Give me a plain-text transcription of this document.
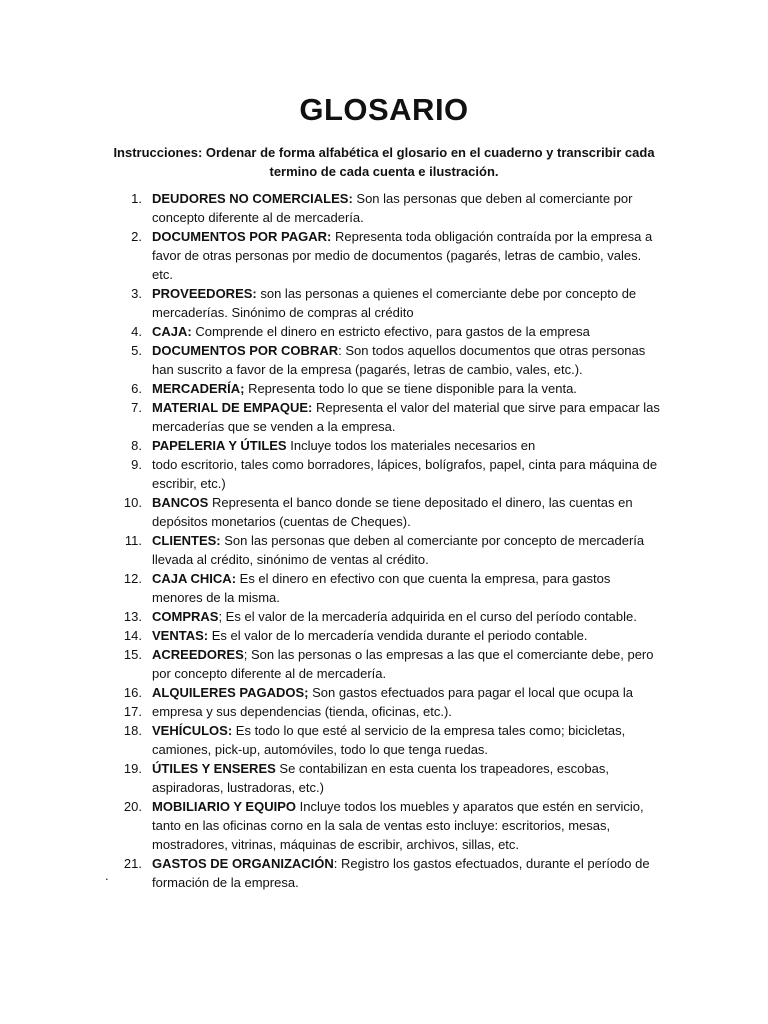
GLOSARIO
Instrucciones: Ordenar de forma alfabética el glosario en el cuaderno y transcribir cada termino de cada cuenta e ilustración.
1. DEUDORES NO COMERCIALES: Son las personas que deben al comerciante por concepto diferente al de mercadería.
2. DOCUMENTOS POR PAGAR: Representa toda obligación contraída por la empresa a favor de otras personas por medio de documentos (pagarés, letras de cambio, vales. etc.
3. PROVEEDORES: son las personas a quienes el comerciante debe por concepto de mercaderías. Sinónimo de compras al crédito
4. CAJA: Comprende el dinero en estricto efectivo, para gastos de la empresa
5. DOCUMENTOS POR COBRAR: Son todos aquellos documentos que otras personas han suscrito a favor de la empresa (pagarés, letras de cambio, vales, etc.).
6. MERCADERÍA; Representa todo lo que se tiene disponible para la venta.
7. MATERIAL DE EMPAQUE: Representa el valor del material que sirve para empacar las mercaderías que se venden a la empresa.
8. PAPELERIA Y ÚTILES Incluye todos los materiales necesarios en
9. todo escritorio, tales como borradores, lápices, bolígrafos, papel, cinta para máquina de escribir, etc.)
10. BANCOS Representa el banco donde se tiene depositado el dinero, las cuentas en depósitos monetarios (cuentas de Cheques).
11. CLIENTES: Son las personas que deben al comerciante por concepto de mercadería llevada al crédito, sinónimo de ventas al crédito.
12. CAJA CHICA: Es el dinero en efectivo con que cuenta la empresa, para gastos menores de la misma.
13. COMPRAS; Es el valor de la mercadería adquirida en el curso del período contable.
14. VENTAS: Es el valor de lo mercadería vendida durante el periodo contable.
15. ACREEDORES; Son las personas o las empresas a las que el comerciante debe, pero por concepto diferente al de mercadería.
16. ALQUILERES PAGADOS; Son gastos efectuados para pagar el local que ocupa la
17. empresa y sus dependencias (tienda, oficinas, etc.).
18. VEHÍCULOS: Es todo lo que esté al servicio de la empresa tales como; bicicletas, camiones, pick-up, automóviles, todo lo que tenga ruedas.
19. ÚTILES Y ENSERES Se contabilizan en esta cuenta los trapeadores, escobas, aspiradoras, lustradoras, etc.)
20. MOBILIARIO Y EQUIPO Incluye todos los muebles y aparatos que estén en servicio, tanto en las oficinas corno en la sala de ventas esto incluye: escritorios, mesas, mostradores, vitrinas, máquinas de escribir, archivos, sillas, etc.
21. GASTOS DE ORGANIZACIÓN: Registro los gastos efectuados, durante el período de formación de la empresa.
.
